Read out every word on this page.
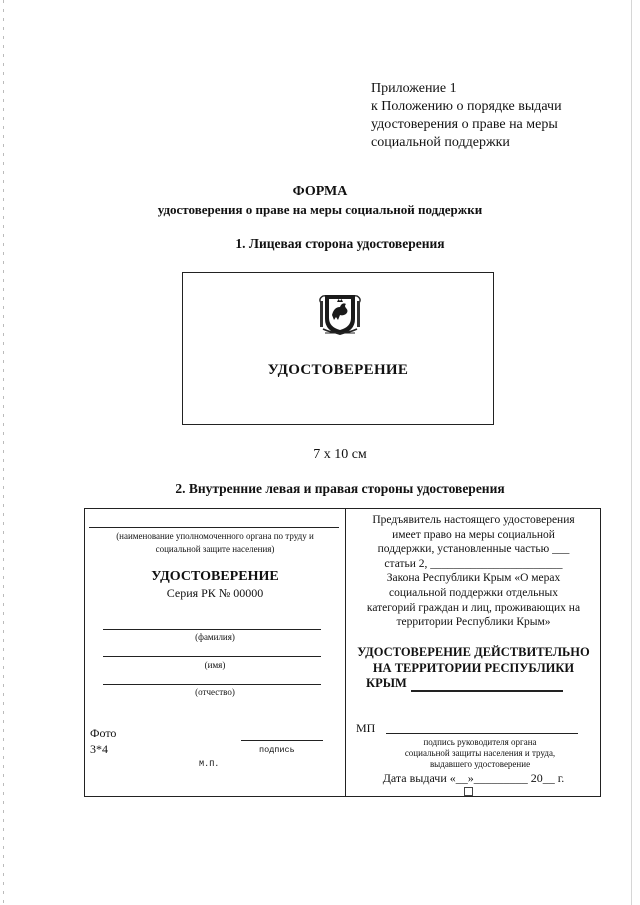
Приложение 1
к Положению о порядке выдачи
удостоверения о праве на меры
социальной поддержки
ФОРМА
удостоверения о праве на меры социальной поддержки
1. Лицевая сторона удостоверения
УДОСТОВЕРЕНИЕ
7 х 10 см
2. Внутренние левая и правая стороны удостоверения
(наименование уполномоченного органа по труду и
социальной защите населения)
УДОСТОВЕРЕНИЕ
Серия РК № 00000
(фамилия)
(имя)
(отчество)
Фото
3*4	подпись
М.П.
Предъявитель настоящего удостоверения
имеет право на меры социальной
поддержки, установленные частью ___
статьи 2, _______________________
Закона Республики Крым «О мерах
социальной поддержки отдельных
категорий граждан и лиц, проживающих на
территории Республики Крым»
УДОСТОВЕРЕНИЕ ДЕЙСТВИТЕЛЬНО
НА ТЕРРИТОРИИ РЕСПУБЛИКИ
КРЫМ
МП
подпись руководителя органа
социальной защиты населения и труда,
выдавшего удостоверение
Дата выдачи «__»_________ 20__ г.
